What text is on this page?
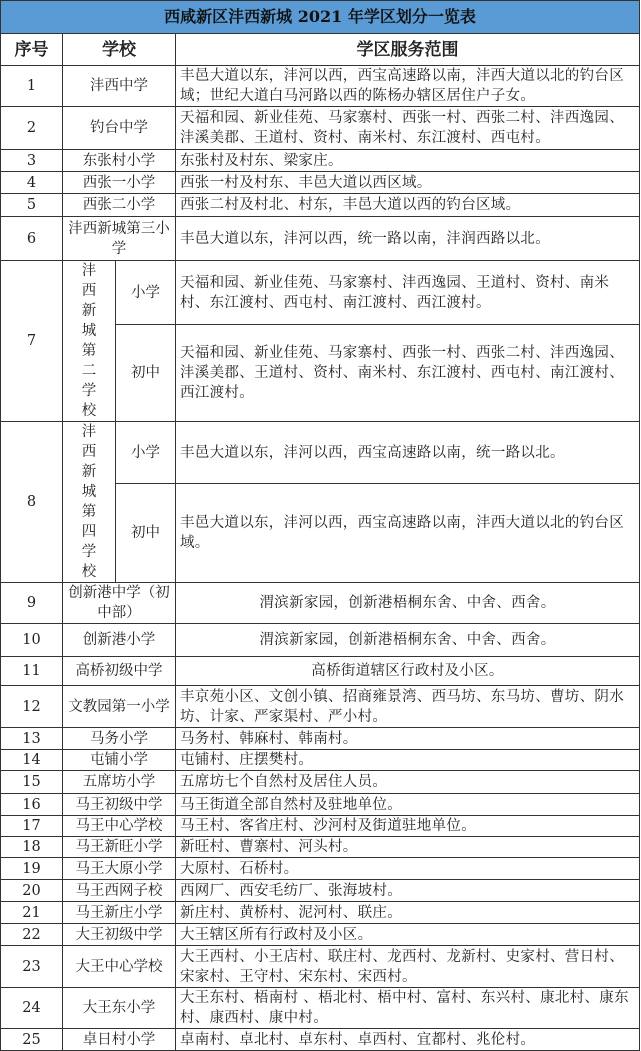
西咸新区沣西新城 2021 年学区划分一览表			
序号	学校		学区服务范围
1	沣西中学		丰邑大道以东，沣河以西，西宝高速路以南，沣西大道以北的钓台区域；世纪大道白马河路以西的陈杨办辖区居住户子女。
2	钓台中学		天福和园、新业佳苑、马家寨村、西张一村、西张二村、沣西逸园、沣溪美郡、王道村、资村、南米村、东江渡村、西屯村。
3	东张村小学		东张村及村东、梁家庄。
4	西张一小学		西张一村及村东、丰邑大道以西区域。
5	西张二小学		西张二村及村北、村东，丰邑大道以西的钓台区域。
6	沣西新城第三小学		丰邑大道以东，沣河以西，统一路以南，沣润西路以北。
7	沣西新城第二学校	小学	天福和园、新业佳苑、马家寨村、沣西逸园、王道村、资村、南米村、东江渡村、西屯村、南江渡村、西江渡村。
		初中	天福和园、新业佳苑、马家寨村、西张一村、西张二村、沣西逸园、沣溪美郡、王道村、资村、南米村、东江渡村、西屯村、南江渡村、西江渡村。
8	沣西新城第四学校	小学	丰邑大道以东，沣河以西，西宝高速路以南，统一路以北。
		初中	丰邑大道以东，沣河以西，西宝高速路以南，沣西大道以北的钓台区域。
9	创新港中学（初中部）		渭滨新家园，创新港梧桐东舍、中舍、西舍。
10	创新港小学		渭滨新家园，创新港梧桐东舍、中舍、西舍。
11	高桥初级中学		高桥街道辖区行政村及小区。
12	文教园第一小学		丰京苑小区、文创小镇、招商雍景湾、西马坊、东马坊、曹坊、阴水坊、计家、严家渠村、严小村。
13	马务小学		马务村、韩麻村、韩南村。
14	屯铺小学		屯铺村、庄摆樊村。
15	五席坊小学		五席坊七个自然村及居住人员。
16	马王初级中学		马王街道全部自然村及驻地单位。
17	马王中心学校		马王村、客省庄村、沙河村及街道驻地单位。
18	马王新旺小学		新旺村、曹寨村、河头村。
19	马王大原小学		大原村、石桥村。
20	马王西网子校		西网厂、西安毛纺厂、张海坡村。
21	马王新庄小学		新庄村、黄桥村、泥河村、联庄。
22	大王初级中学		大王辖区所有行政村及小区。
23	大王中心学校		大王西村、小王店村、联庄村、龙西村、龙新村、史家村、营日村、宋家村、王守村、宋东村、宋西村。
24	大王东小学		大王东村、梧南村 、梧北村、梧中村、富村、东兴村、康北村、康东村、康西村、康中村。
25	卓日村小学		卓南村、卓北村、卓东村、卓西村、宜都村、兆伦村。
